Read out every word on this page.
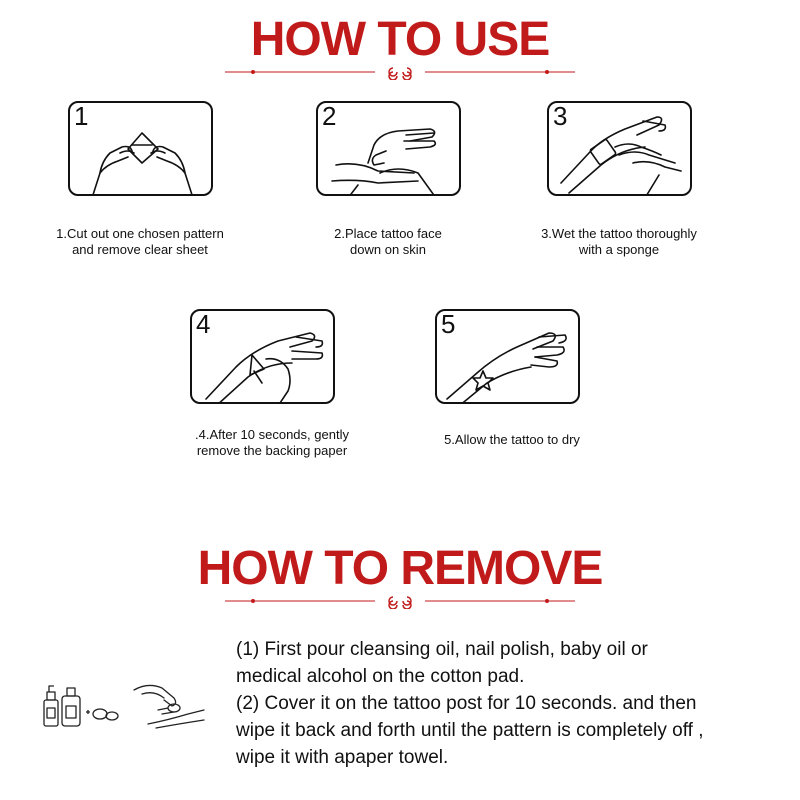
HOW TO USE
1
1.Cut out one chosen pattern
and remove clear sheet
2
2.Place tattoo face
down on skin
3
3.Wet the tattoo thoroughly
with a sponge
4
.4.After 10 seconds, gently
remove the backing paper
5
5.Allow the tattoo to dry
HOW TO REMOVE

(1) First pour cleansing oil, nail polish, baby oil or

medical alcohol on the cotton pad.

(2) Cover it on the tattoo post for 10 seconds. and then

wipe it back and forth until the pattern is completely off ,

wipe it with apaper towel.
